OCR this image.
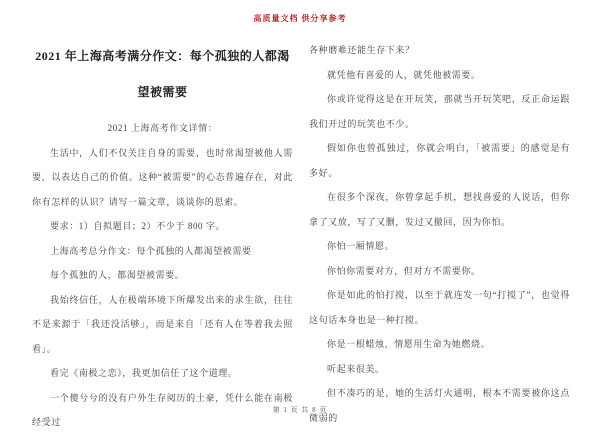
高质量文档 供分享参考
2021 年上海高考满分作文：每个孤独的人都渴望被需要

2021 上海高考作文详情：

生活中，人们不仅关注自身的需要，也时常渴望被他人需要，以表达自己的价值。这种“被需要”的心态普遍存在，对此你有怎样的认识？请写一篇文章，谈谈你的思索。

要求：1）自拟题目；2）不少于 800 字。

上海高考总分作文：每个孤独的人都渴望被需要

每个孤独的人，都渴望被需要。

我始终信任，人在极端环境下所爆发出来的求生欲，往往不是来源于「我还没活够」，而是来自「还有人在等着我去照看」。

看完《南极之恋》，我更加信任了这个道理。

一个傻兮兮的没有户外生存阅历的土豪，凭什么能在南极经受过

各种磨难还能生存下来？

就凭他有喜爱的人，就凭他被需要。

你或许觉得这是在开玩笑，那就当开玩笑吧，反正命运跟我们开过的玩笑也不少。

假如你也曾孤独过，你就会明白，「被需要」的感觉是有多好。

在很多个深夜，你曾拿起手机，想找喜爱的人说话，但你拿了又放，写了又删，发过又撤回，因为你怕。

你怕一厢情愿。

你怕你需要对方，但对方不需要你。

你是如此的怕打搅，以至于就连发一句“打搅了”，也觉得这句话本身也是一种打搅。

你是一根蜡烛，情愿用生命为她燃烧。

听起来很美。

但不凑巧的是，她的生活灯火通明，根本不需要被你这点微弱的

第 1 页 共 8 页
